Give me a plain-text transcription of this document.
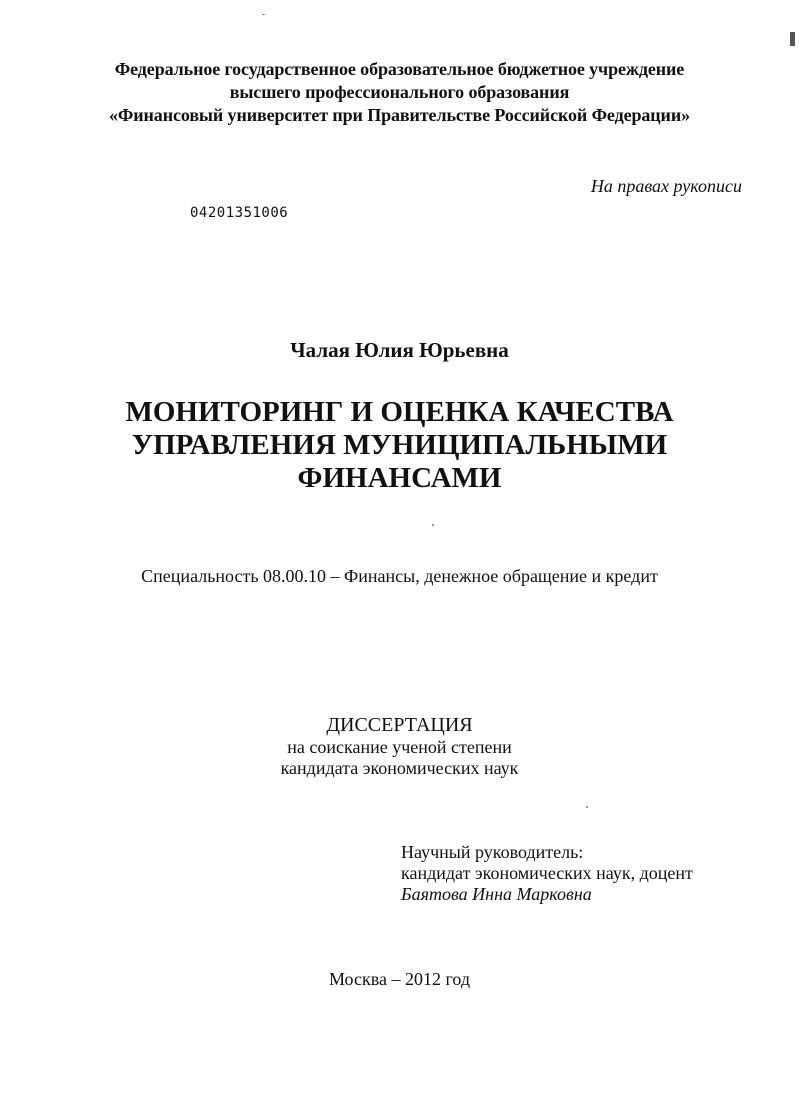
Федеральное государственное образовательное бюджетное учреждение
высшего профессионального образования
«Финансовый университет при Правительстве Российской Федерации»
На правах рукописи
04201351006
Чалая Юлия Юрьевна
МОНИТОРИНГ И ОЦЕНКА КАЧЕСТВА
УПРАВЛЕНИЯ МУНИЦИПАЛЬНЫМИ
ФИНАНСАМИ
Специальность 08.00.10 – Финансы, денежное обращение и кредит
ДИССЕРТАЦИЯ
на соискание ученой степени
кандидата экономических наук
Научный руководитель:
кандидат экономических наук, доцент
Баятова Инна Марковна
Москва – 2012 год
